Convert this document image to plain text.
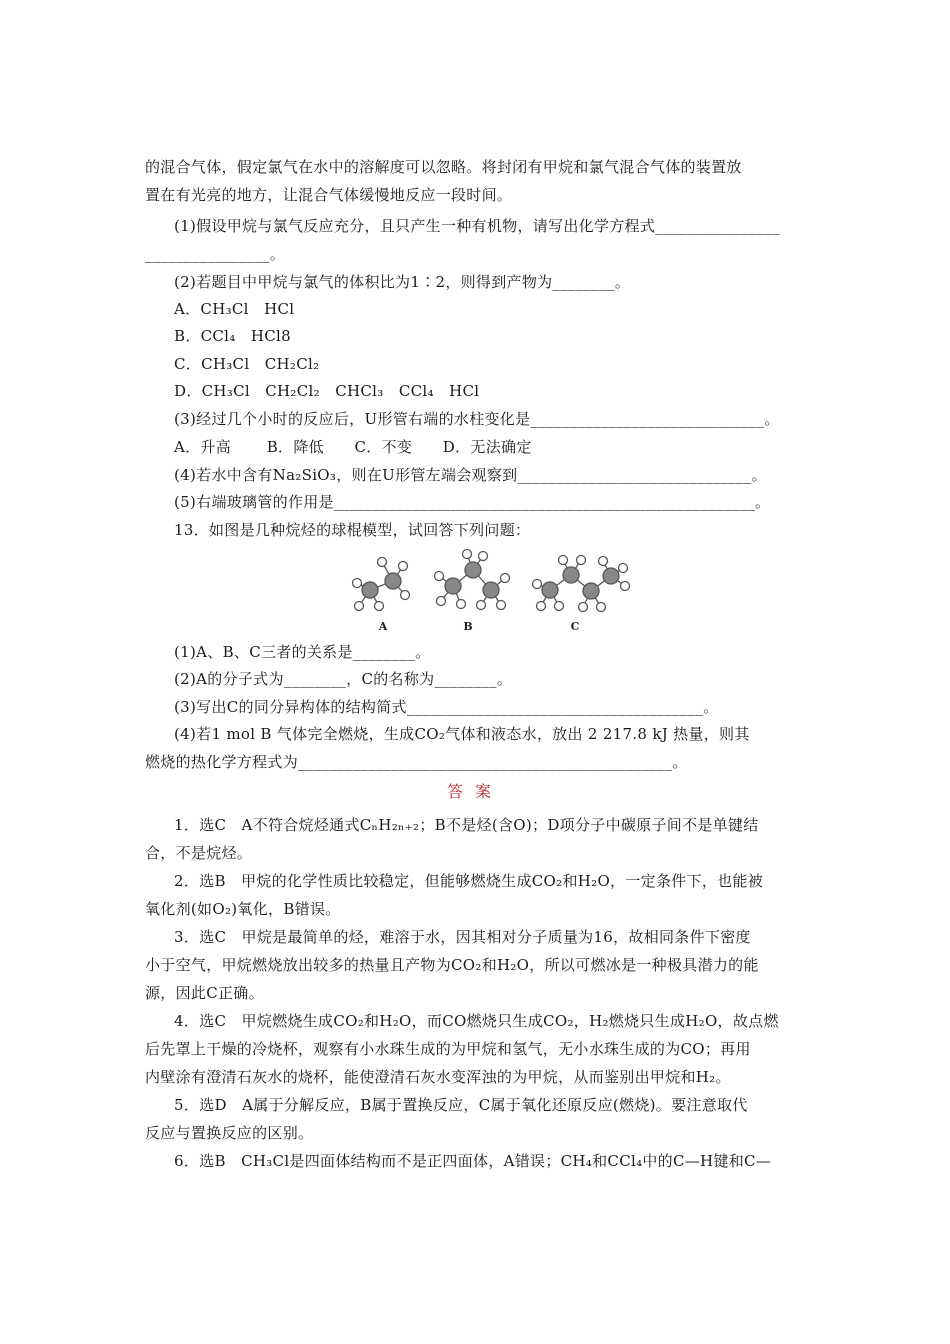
的混合气体，假定氯气在水中的溶解度可以忽略。将封闭有甲烷和氯气混合气体的装置放
置在有光亮的地方，让混合气体缓慢地反应一段时间。
(1)假设甲烷与氯气反应充分，且只产生一种有机物，请写出化学方程式________________
________________。
(2)若题目中甲烷与氯气的体积比为1∶2，则得到产物为________。
A．CH₃Cl　HCl
B．CCl₄　HCl8
C．CH₃Cl　CH₂Cl₂
D．CH₃Cl　CH₂Cl₂　CHCl₃　CCl₄　HCl
(3)经过几个小时的反应后，U形管右端的水柱变化是______________________________。
A．升高　　 B．降低　　C．不变　　D．无法确定
(4)若水中含有Na₂SiO₃，则在U形管左端会观察到______________________________。
(5)右端玻璃管的作用是______________________________________________________。
13．如图是几种烷烃的球棍模型，试回答下列问题：
A	B	C
(1)A、B、C三者的关系是________。
(2)A的分子式为________，C的名称为________。
(3)写出C的同分异构体的结构简式______________________________________。
(4)若1 mol B 气体完全燃烧，生成CO₂气体和液态水，放出 2 217.8 kJ 热量，则其
燃烧的热化学方程式为________________________________________________。
答案
1．选C　A不符合烷烃通式CₙH₂ₙ₊₂；B不是烃(含O)；D项分子中碳原子间不是单键结
合，不是烷烃。
2．选B　甲烷的化学性质比较稳定，但能够燃烧生成CO₂和H₂O，一定条件下，也能被
氧化剂(如O₂)氧化，B错误。
3．选C　甲烷是最简单的烃，难溶于水，因其相对分子质量为16，故相同条件下密度
小于空气，甲烷燃烧放出较多的热量且产物为CO₂和H₂O，所以可燃冰是一种极具潜力的能
源，因此C正确。
4．选C　甲烷燃烧生成CO₂和H₂O，而CO燃烧只生成CO₂，H₂燃烧只生成H₂O，故点燃
后先罩上干燥的冷烧杯，观察有小水珠生成的为甲烷和氢气，无小水珠生成的为CO；再用
内壁涂有澄清石灰水的烧杯，能使澄清石灰水变浑浊的为甲烷，从而鉴别出甲烷和H₂。
5．选D　A属于分解反应，B属于置换反应，C属于氧化还原反应(燃烧)。要注意取代
反应与置换反应的区别。
6．选B　CH₃Cl是四面体结构而不是正四面体，A错误；CH₄和CCl₄中的C—H键和C—
